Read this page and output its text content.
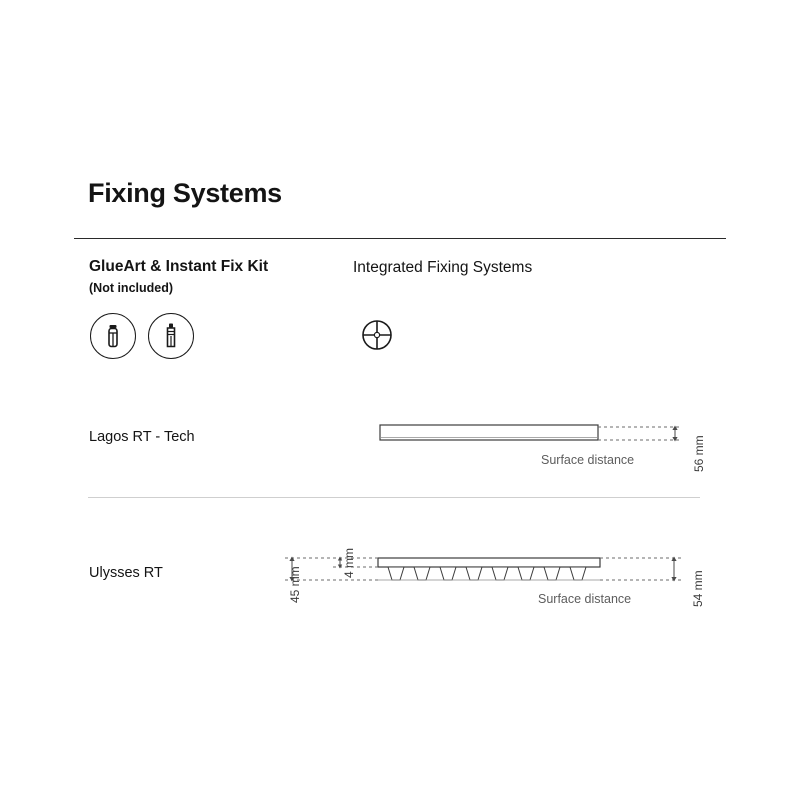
Fixing Systems
GlueArt & Instant Fix Kit
(Not included)
Integrated Fixing Systems

Lagos RT - Tech
Surface distance	56 mm
Ulysses RT
Surface distance
45 mm
4 mm
54 mm
